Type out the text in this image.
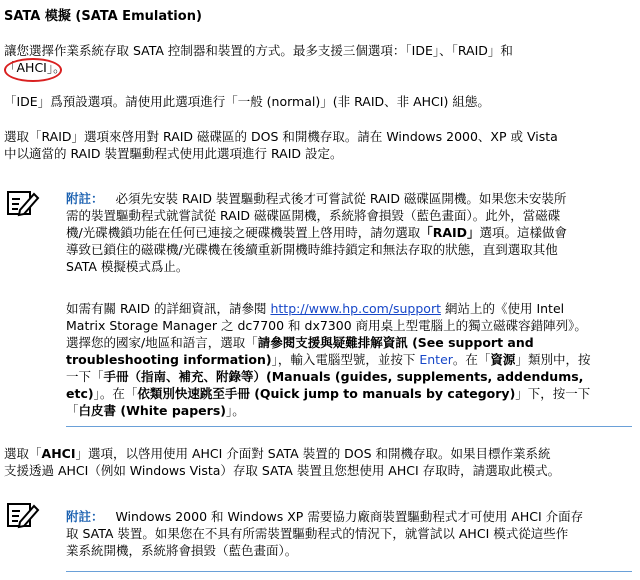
SATA 模擬 (SATA Emulation)
讓您選擇作業系統存取 SATA 控制器和裝置的方式。最多支援三個選項：「IDE」、「RAID」和
「AHCI」。
「IDE」爲預設選項。請使用此選項進行「一般 (normal)」(非 RAID、非 AHCI) 組態。
選取「RAID」選項來啓用對 RAID 磁碟區的 DOS 和開機存取。請在 Windows 2000、XP 或 Vista
中以適當的 RAID 裝置驅動程式使用此選項進行 RAID 設定。
附註： 必須先安裝 RAID 裝置驅動程式後才可嘗試從 RAID 磁碟區開機。如果您未安裝所
需的裝置驅動程式就嘗試從 RAID 磁碟區開機，系統將會損毀（藍色畫面）。此外，當磁碟
機/光碟機鎖功能在任何已連接之硬碟機裝置上啓用時，請勿選取「RAID」選項。這樣做會
導致已鎖住的磁碟機/光碟機在後續重新開機時維持鎖定和無法存取的狀態，直到選取其他
SATA 模擬模式爲止。
如需有關 RAID 的詳細資訊，請參閱 http://www.hp.com/support 網站上的《使用 Intel
Matrix Storage Manager 之 dc7700 和 dx7300 商用桌上型電腦上的獨立磁碟容錯陣列》。
選擇您的國家/地區和語言，選取「請參閱支援與疑難排解資訊 (See support and
troubleshooting information)」，輸入電腦型號，並按下 Enter。在「資源」類別中，按
一下「手冊（指南、補充、附錄等）(Manuals (guides, supplements, addendums,
etc)」。在「依類別快速跳至手冊 (Quick jump to manuals by category)」下，按一下
「白皮書 (White papers)」。
選取「AHCI」選項，以啓用使用 AHCI 介面對 SATA 裝置的 DOS 和開機存取。如果目標作業系統
支援透過 AHCI（例如 Windows Vista）存取 SATA 裝置且您想使用 AHCI 存取時，請選取此模式。
附註： Windows 2000 和 Windows XP 需要協力廠商裝置驅動程式才可使用 AHCI 介面存
取 SATA 裝置。如果您在不具有所需裝置驅動程式的情況下，就嘗試以 AHCI 模式從這些作
業系統開機，系統將會損毀（藍色畫面）。
